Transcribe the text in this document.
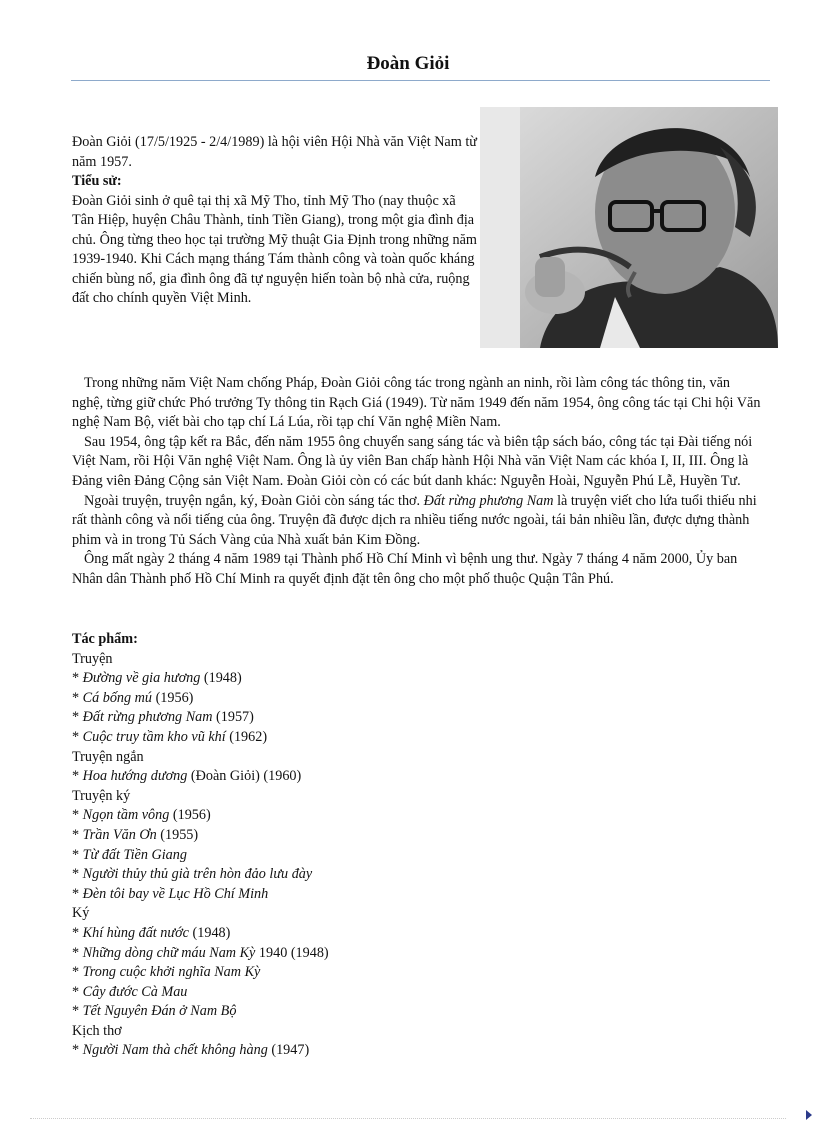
Đoàn Giỏi

Đoàn Giỏi (17/5/1925 - 2/4/1989) là hội viên Hội Nhà văn Việt Nam từ năm 1957.

Tiểu sử:

Đoàn Giỏi sinh ở quê tại thị xã Mỹ Tho, tỉnh Mỹ Tho (nay thuộc xã Tân Hiệp, huyện Châu Thành, tỉnh Tiền Giang), trong một gia đình địa chủ. Ông từng theo học tại trường Mỹ thuật Gia Định trong những năm 1939-1940. Khi Cách mạng tháng Tám thành công và toàn quốc kháng chiến bùng nổ, gia đình ông đã tự nguyện hiến toàn bộ nhà cửa, ruộng đất cho chính quyền Việt Minh.

Trong những năm Việt Nam chống Pháp, Đoàn Giỏi công tác trong ngành an ninh, rồi làm công tác thông tin, văn nghệ, từng giữ chức Phó trưởng Ty thông tin Rạch Giá (1949). Từ năm 1949 đến năm 1954, ông công tác tại Chi hội Văn nghệ Nam Bộ, viết bài cho tạp chí Lá Lúa, rồi tạp chí Văn nghệ Miền Nam.

Sau 1954, ông tập kết ra Bắc, đến năm 1955 ông chuyển sang sáng tác và biên tập sách báo, công tác tại Đài tiếng nói Việt Nam, rồi Hội Văn nghệ Việt Nam. Ông là ủy viên Ban chấp hành Hội Nhà văn Việt Nam các khóa I, II, III. Ông là Đảng viên Đảng Cộng sản Việt Nam. Đoàn Giỏi còn có các bút danh khác: Nguyễn Hoài, Nguyễn Phú Lễ, Huyền Tư.

Ngoài truyện, truyện ngắn, ký, Đoàn Giỏi còn sáng tác thơ. Đất rừng phương Nam là truyện viết cho lứa tuổi thiếu nhi rất thành công và nổi tiếng của ông. Truyện đã được dịch ra nhiều tiếng nước ngoài, tái bản nhiều lần, được dựng thành phim và in trong Tủ Sách Vàng của Nhà xuất bản Kim Đồng.

Ông mất ngày 2 tháng 4 năm 1989 tại Thành phố Hồ Chí Minh vì bệnh ung thư. Ngày 7 tháng 4 năm 2000, Ủy ban Nhân dân Thành phố Hồ Chí Minh ra quyết định đặt tên ông cho một phố thuộc Quận Tân Phú.

Tác phẩm:
Truyện
* Đường về gia hương (1948)
* Cá bống mú (1956)
* Đất rừng phương Nam (1957)
* Cuộc truy tầm kho vũ khí (1962)
Truyện ngắn
* Hoa hướng dương (Đoàn Giỏi) (1960)
Truyện ký
* Ngọn tầm vông (1956)
* Trần Văn Ơn (1955)
* Từ đất Tiền Giang
* Người thủy thủ già trên hòn đảo lưu đày
* Đèn tôi bay về Lục Hồ Chí Minh
Ký
* Khí hùng đất nước (1948)
* Những dòng chữ máu Nam Kỳ 1940 (1948)
* Trong cuộc khởi nghĩa Nam Kỳ
* Cây đước Cà Mau
* Tết Nguyên Đán ở Nam Bộ
Kịch thơ
* Người Nam thà chết không hàng (1947)
